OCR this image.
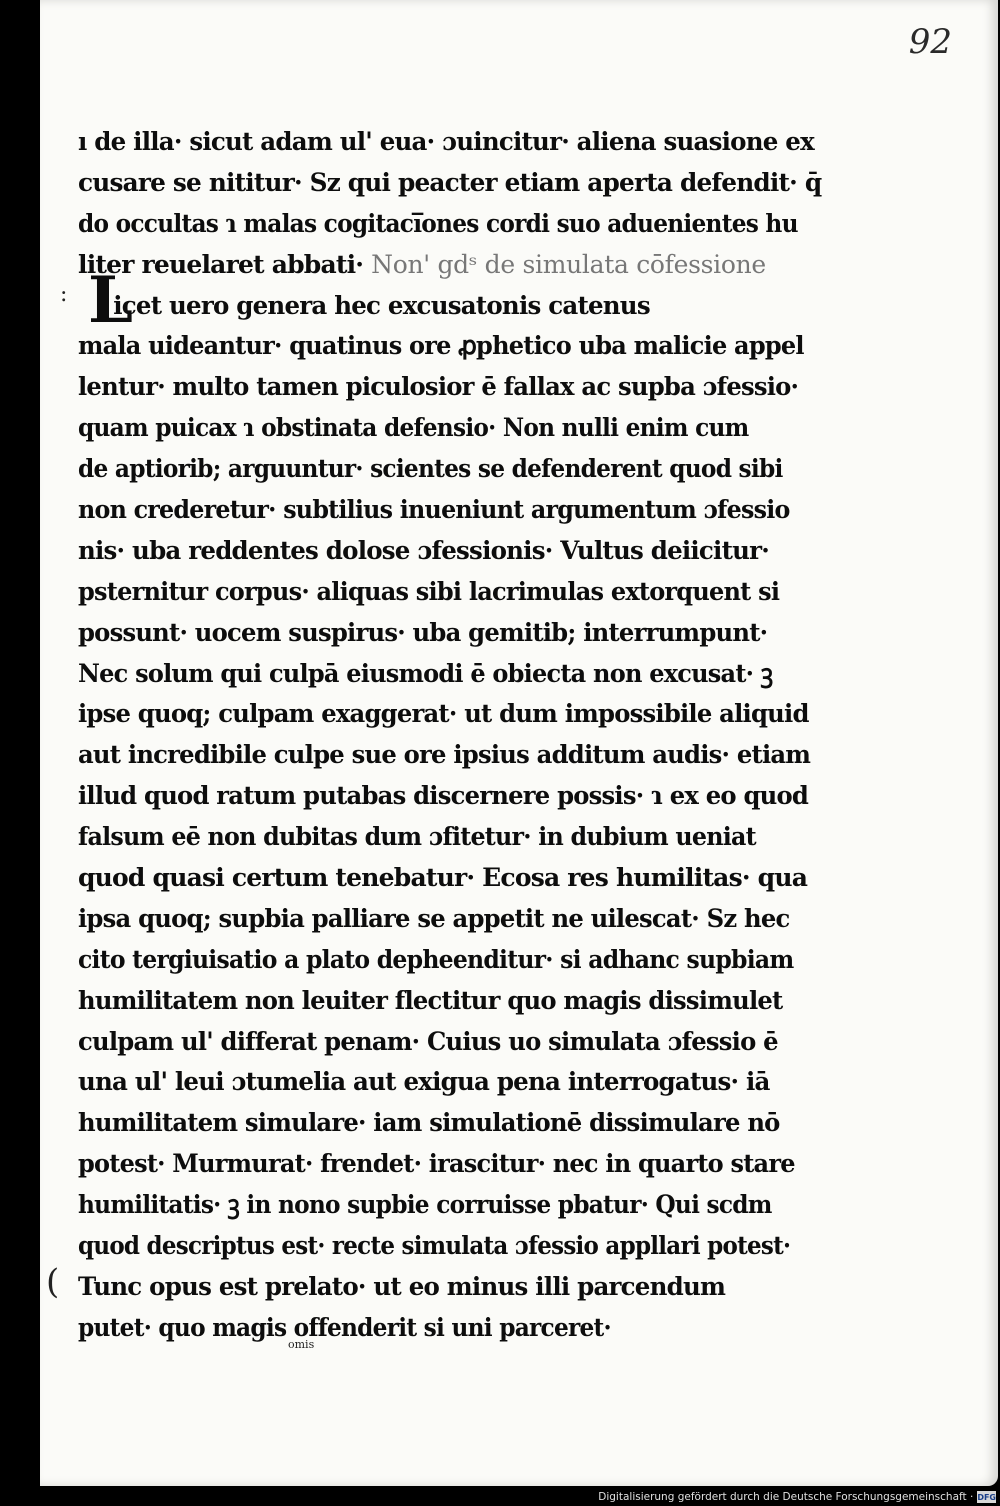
92
: L
ı de illa· sicut adam ul' eua· ɔuincitur· aliena suasione ex
cusare se nititur· Sz qui peacter etiam aperta defendit· q̄
do occultas ɿ malas cogitaci̅ones cordi suo aduenientes hu
liter reuelaret abbati· Non' gdˢ de simulata cōfessione
icet uero genera hec excusatonis catenus
mala uideantur· quatinus ore ꝓphetico uba malicie appel
lentur· multo tamen piculosior ē fallax ac supba ɔfessio·
quam puicax ɿ obstinata defensio· Non nulli enim cum
de aptiorib; arguuntur· scientes se defenderent quod sibi
non crederetur· subtilius inueniunt argumentum ɔfessio
nis· uba reddentes dolose ɔfessionis· Vultus deiicitur·
psternitur corpus· aliquas sibi lacrimulas extorquent si
possunt· uocem suspirus· uba gemitib; interrumpunt·
Nec solum qui culpā eiusmodi ē obiecta non excusat· ꝫ
ipse quoq; culpam exaggerat· ut dum impossibile aliquid
aut incredibile culpe sue ore ipsius additum audis· etiam
illud quod ratum putabas discernere possis· ɿ ex eo quod
falsum eē non dubitas dum ɔfitetur· in dubium ueniat
quod quasi certum tenebatur· Ecosa res humilitas· qua
ipsa quoq; supbia palliare se appetit ne uilescat· Sz hec
cito tergiuisatio a plato depheenditur· si adhanc supbiam
humilitatem non leuiter flectitur quo magis dissimulet
culpam ul' differat penam· Cuius uo simulata ɔfessio ē
una ul' leui ɔtumelia aut exigua pena interrogatus· iā
humilitatem simulare· iam simulationē dissimulare nō
potest· Murmurat· frendet· irascitur· nec in quarto stare
humilitatis· ꝫ in nono supbie corruisse pbatur· Qui scdm
quod descriptus est· recte simulata ɔfessio appllari potest·
Tunc opus est prelato· ut eo minus illi parcendum
putet· quo magis offenderit si uni parceret·
(
omis
Digitalisierung gefördert durch die Deutsche Forschungsgemeinschaft · DFG
